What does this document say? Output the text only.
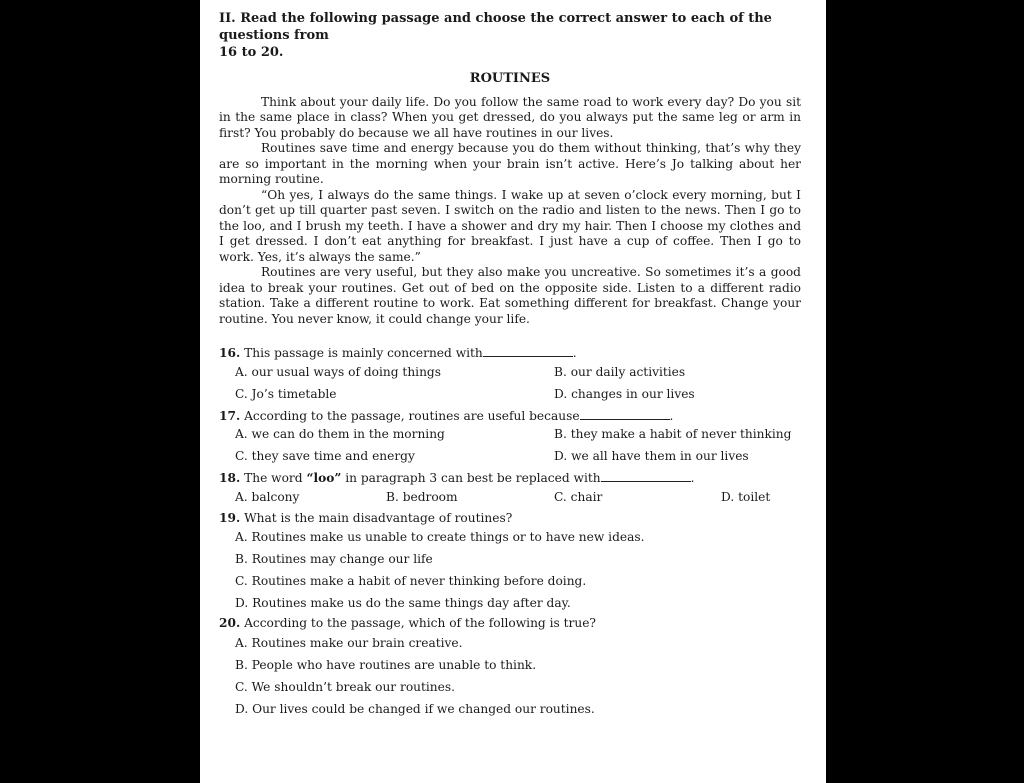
II. Read the following passage and choose the correct answer to each of the questions from
16 to 20.
ROUTINES

Think about your daily life. Do you follow the same road to work every day? Do you sit in the same place in class? When you get dressed, do you always put the same leg or arm in first? You probably do because we all have routines in our lives.

Routines save time and energy because you do them without thinking, that’s why they are so important in the morning when your brain isn’t active. Here’s Jo talking about her morning routine.

“Oh yes, I always do the same things. I wake up at seven o’clock every morning, but I don’t get up till quarter past seven. I switch on the radio and listen to the news. Then I go to the loo, and I brush my teeth. I have a shower and dry my hair. Then I choose my clothes and I get dressed. I don’t eat anything for breakfast. I just have a cup of coffee. Then I go to work. Yes, it’s always the same.”

Routines are very useful, but they also make you uncreative. So sometimes it’s a good idea to break your routines. Get out of bed on the opposite side. Listen to a different radio station. Take a different routine to work. Eat something different for breakfast. Change your routine. You never know, it could change your life.

16. This passage is mainly concerned with	.
A. our usual ways of doing things	B. our daily activities
C. Jo’s timetable	D. changes in our lives
17. According to the passage, routines are useful because	.
A. we can do them in the morning	B. they make a habit of never thinking
C. they save time and energy	D. we all have them in our lives
18. The word “loo” in paragraph 3 can best be replaced with	.
A. balcony	B. bedroom	C. chair	D. toilet
19. What is the main disadvantage of routines?
A. Routines make us unable to create things or to have new ideas.
B. Routines may change our life
C. Routines make a habit of never thinking before doing.
D. Routines make us do the same things day after day.
20. According to the passage, which of the following is true?
A. Routines make our brain creative.
B. People who have routines are unable to think.
C. We shouldn’t break our routines.
D. Our lives could be changed if we changed our routines.
